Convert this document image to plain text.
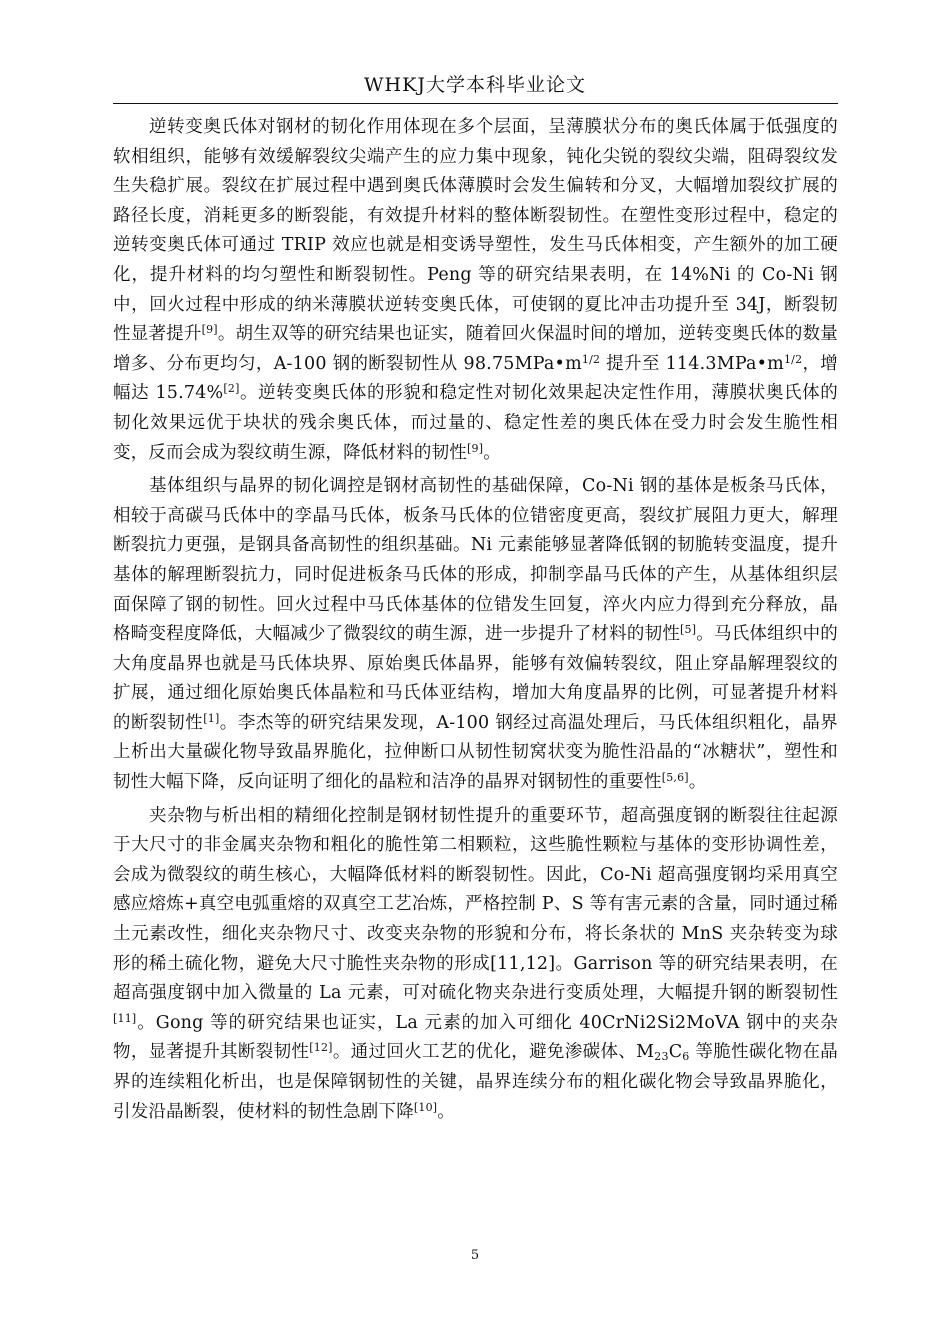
WHKJ大学本科毕业论文

逆转变奥氏体对钢材的韧化作用体现在多个层面，呈薄膜状分布的奥氏体属于低强度的软相组织，能够有效缓解裂纹尖端产生的应力集中现象，钝化尖锐的裂纹尖端，阻碍裂纹发生失稳扩展。裂纹在扩展过程中遇到奥氏体薄膜时会发生偏转和分叉，大幅增加裂纹扩展的路径长度，消耗更多的断裂能，有效提升材料的整体断裂韧性。在塑性变形过程中，稳定的逆转变奥氏体可通过 TRIP 效应也就是相变诱导塑性，发生马氏体相变，产生额外的加工硬化，提升材料的均匀塑性和断裂韧性。Peng 等的研究结果表明，在 14%Ni 的 Co-Ni 钢中，回火过程中形成的纳米薄膜状逆转变奥氏体，可使钢的夏比冲击功提升至 34J，断裂韧性显著提升[9]。胡生双等的研究结果也证实，随着回火保温时间的增加，逆转变奥氏体的数量增多、分布更均匀，A-100 钢的断裂韧性从 $98.75MPa•m^{1/2}$ 提升至 $114.3MPa•m^{1/2}$，增幅达 15.74%[2]。逆转变奥氏体的形貌和稳定性对韧化效果起决定性作用，薄膜状奥氏体的韧化效果远优于块状的残余奥氏体，而过量的、稳定性差的奥氏体在受力时会发生脆性相变，反而会成为裂纹萌生源，降低材料的韧性[9]。

基体组织与晶界的韧化调控是钢材高韧性的基础保障，Co-Ni 钢的基体是板条马氏体，相较于高碳马氏体中的孪晶马氏体，板条马氏体的位错密度更高，裂纹扩展阻力更大，解理断裂抗力更强，是钢具备高韧性的组织基础。Ni 元素能够显著降低钢的韧脆转变温度，提升基体的解理断裂抗力，同时促进板条马氏体的形成，抑制孪晶马氏体的产生，从基体组织层面保障了钢的韧性。回火过程中马氏体基体的位错发生回复，淬火内应力得到充分释放，晶格畸变程度降低，大幅减少了微裂纹的萌生源，进一步提升了材料的韧性[5]。马氏体组织中的大角度晶界也就是马氏体块界、原始奥氏体晶界，能够有效偏转裂纹，阻止穿晶解理裂纹的扩展，通过细化原始奥氏体晶粒和马氏体亚结构，增加大角度晶界的比例，可显著提升材料的断裂韧性[1]。李杰等的研究结果发现，A-100 钢经过高温处理后，马氏体组织粗化，晶界上析出大量碳化物导致晶界脆化，拉伸断口从韧性韧窝状变为脆性沿晶的“冰糖状”，塑性和韧性大幅下降，反向证明了细化的晶粒和洁净的晶界对钢韧性的重要性[5,6]。

夹杂物与析出相的精细化控制是钢材韧性提升的重要环节，超高强度钢的断裂往往起源于大尺寸的非金属夹杂物和粗化的脆性第二相颗粒，这些脆性颗粒与基体的变形协调性差，会成为微裂纹的萌生核心，大幅降低材料的断裂韧性。因此，Co-Ni 超高强度钢均采用真空感应熔炼+真空电弧重熔的双真空工艺冶炼，严格控制 P、S 等有害元素的含量，同时通过稀土元素改性，细化夹杂物尺寸、改变夹杂物的形貌和分布，将长条状的 MnS 夹杂转变为球形的稀土硫化物，避免大尺寸脆性夹杂物的形成[11,12]。Garrison 等的研究结果表明，在超高强度钢中加入微量的 La 元素，可对硫化物夹杂进行变质处理，大幅提升钢的断裂韧性[11]。Gong 等的研究结果也证实，La 元素的加入可细化 40CrNi2Si2MoVA 钢中的夹杂物，显著提升其断裂韧性[12]。通过回火工艺的优化，避免渗碳体、$M_{23}C_6$ 等脆性碳化物在晶界的连续粗化析出，也是保障钢韧性的关键，晶界连续分布的粗化碳化物会导致晶界脆化，引发沿晶断裂，使材料的韧性急剧下降[10]。

5
